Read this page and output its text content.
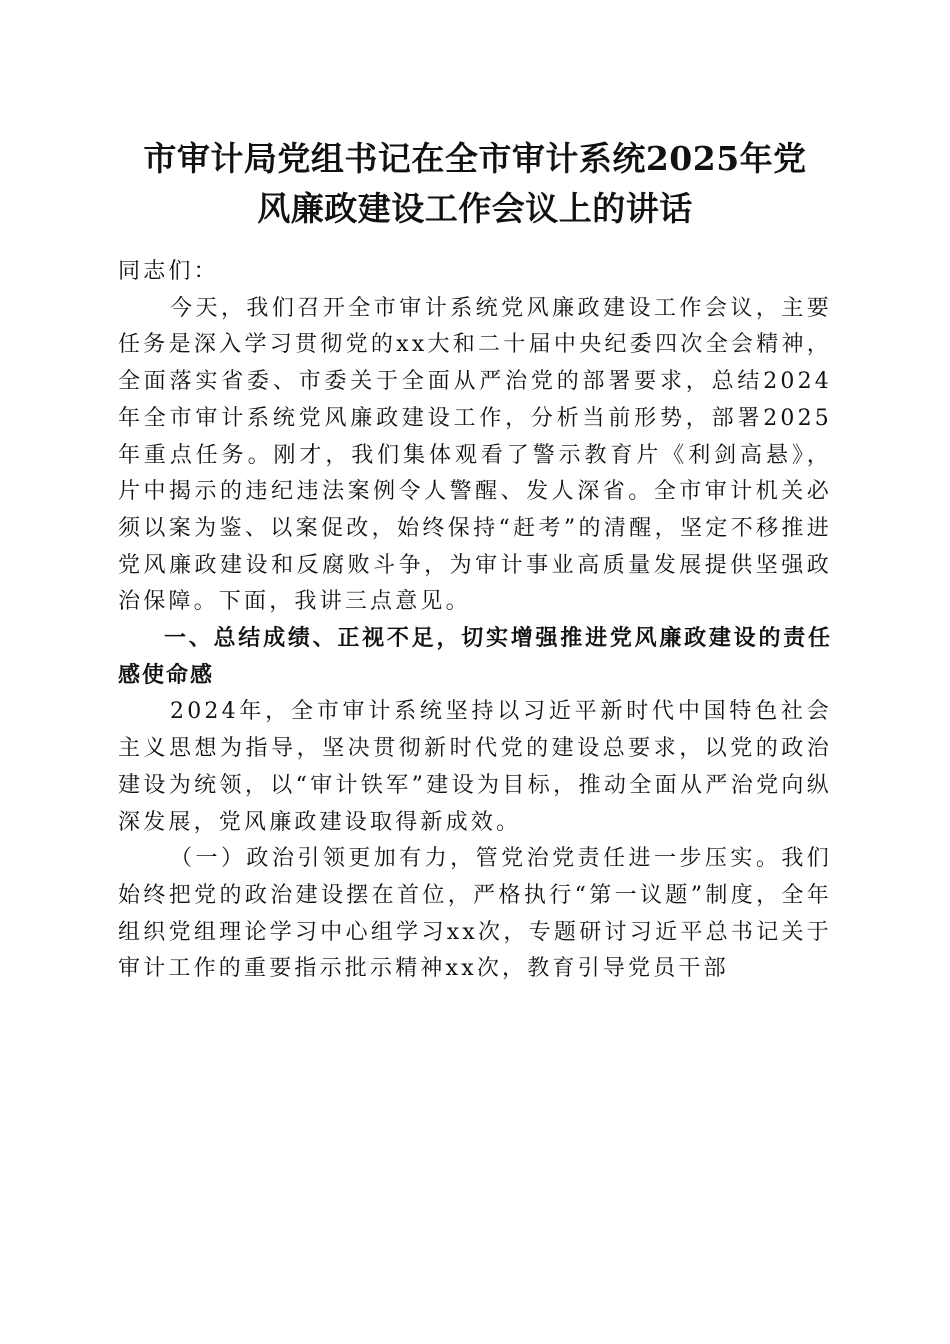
市审计局党组书记在全市审计系统2025年党
风廉政建设工作会议上的讲话

同志们：

今天，我们召开全市审计系统党风廉政建设工作会议，主要任务是深入学习贯彻党的xx大和二十届中央纪委四次全会精神，全面落实省委、市委关于全面从严治党的部署要求，总结2024年全市审计系统党风廉政建设工作，分析当前形势，部署2025年重点任务。刚才，我们集体观看了警示教育片《利剑高悬》，片中揭示的违纪违法案例令人警醒、发人深省。全市审计机关必须以案为鉴、以案促改，始终保持“赶考”的清醒，坚定不移推进党风廉政建设和反腐败斗争，为审计事业高质量发展提供坚强政治保障。下面，我讲三点意见。

一、总结成绩、正视不足，切实增强推进党风廉政建设的责任感使命感

2024年，全市审计系统坚持以习近平新时代中国特色社会主义思想为指导，坚决贯彻新时代党的建设总要求，以党的政治建设为统领，以“审计铁军”建设为目标，推动全面从严治党向纵深发展，党风廉政建设取得新成效。

（一）政治引领更加有力，管党治党责任进一步压实。我们始终把党的政治建设摆在首位，严格执行“第一议题”制度，全年组织党组理论学习中心组学习xx次，专题研讨习近平总书记关于审计工作的重要指示批示精神xx次，教育引导党员干部
